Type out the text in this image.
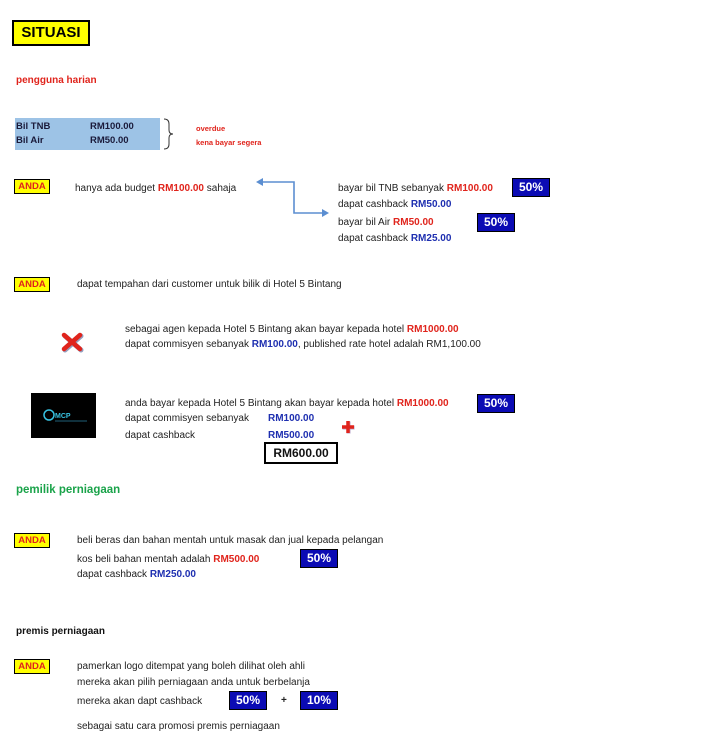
SITUASI
pengguna harian
Bil TNB	RM100.00
Bil Air	RM50.00
overdue
kena bayar segera
ANDA	hanya ada budget RM100.00 sahaja	bayar bil TNB sebanyak RM100.00	50%
dapat cashback RM50.00
bayar bil Air RM50.00	50%
dapat cashback RM25.00
ANDA	dapat tempahan dari customer untuk bilik di Hotel 5 Bintang
sebagai agen kepada Hotel 5 Bintang akan bayar kepada hotel RM1000.00
dapat commisyen sebanyak RM100.00, published rate hotel adalah RM1,100.00
MCP
anda bayar kepada Hotel 5 Bintang akan bayar kepada hotel RM1000.00	50%
dapat commisyen sebanyak RM100.00
dapat cashback	RM500.00
RM600.00
pemilik perniagaan
ANDA	beli beras dan bahan mentah untuk masak dan jual kepada pelangan
kos beli bahan mentah adalah RM500.00	50%
dapat cashback RM250.00
premis perniagaan
ANDA	pamerkan logo ditempat yang boleh dilihat oleh ahli
mereka akan pilih perniagaan anda untuk berbelanja
mereka akan dapt cashback	50%	+	10%
sebagai satu cara promosi premis perniagaan
